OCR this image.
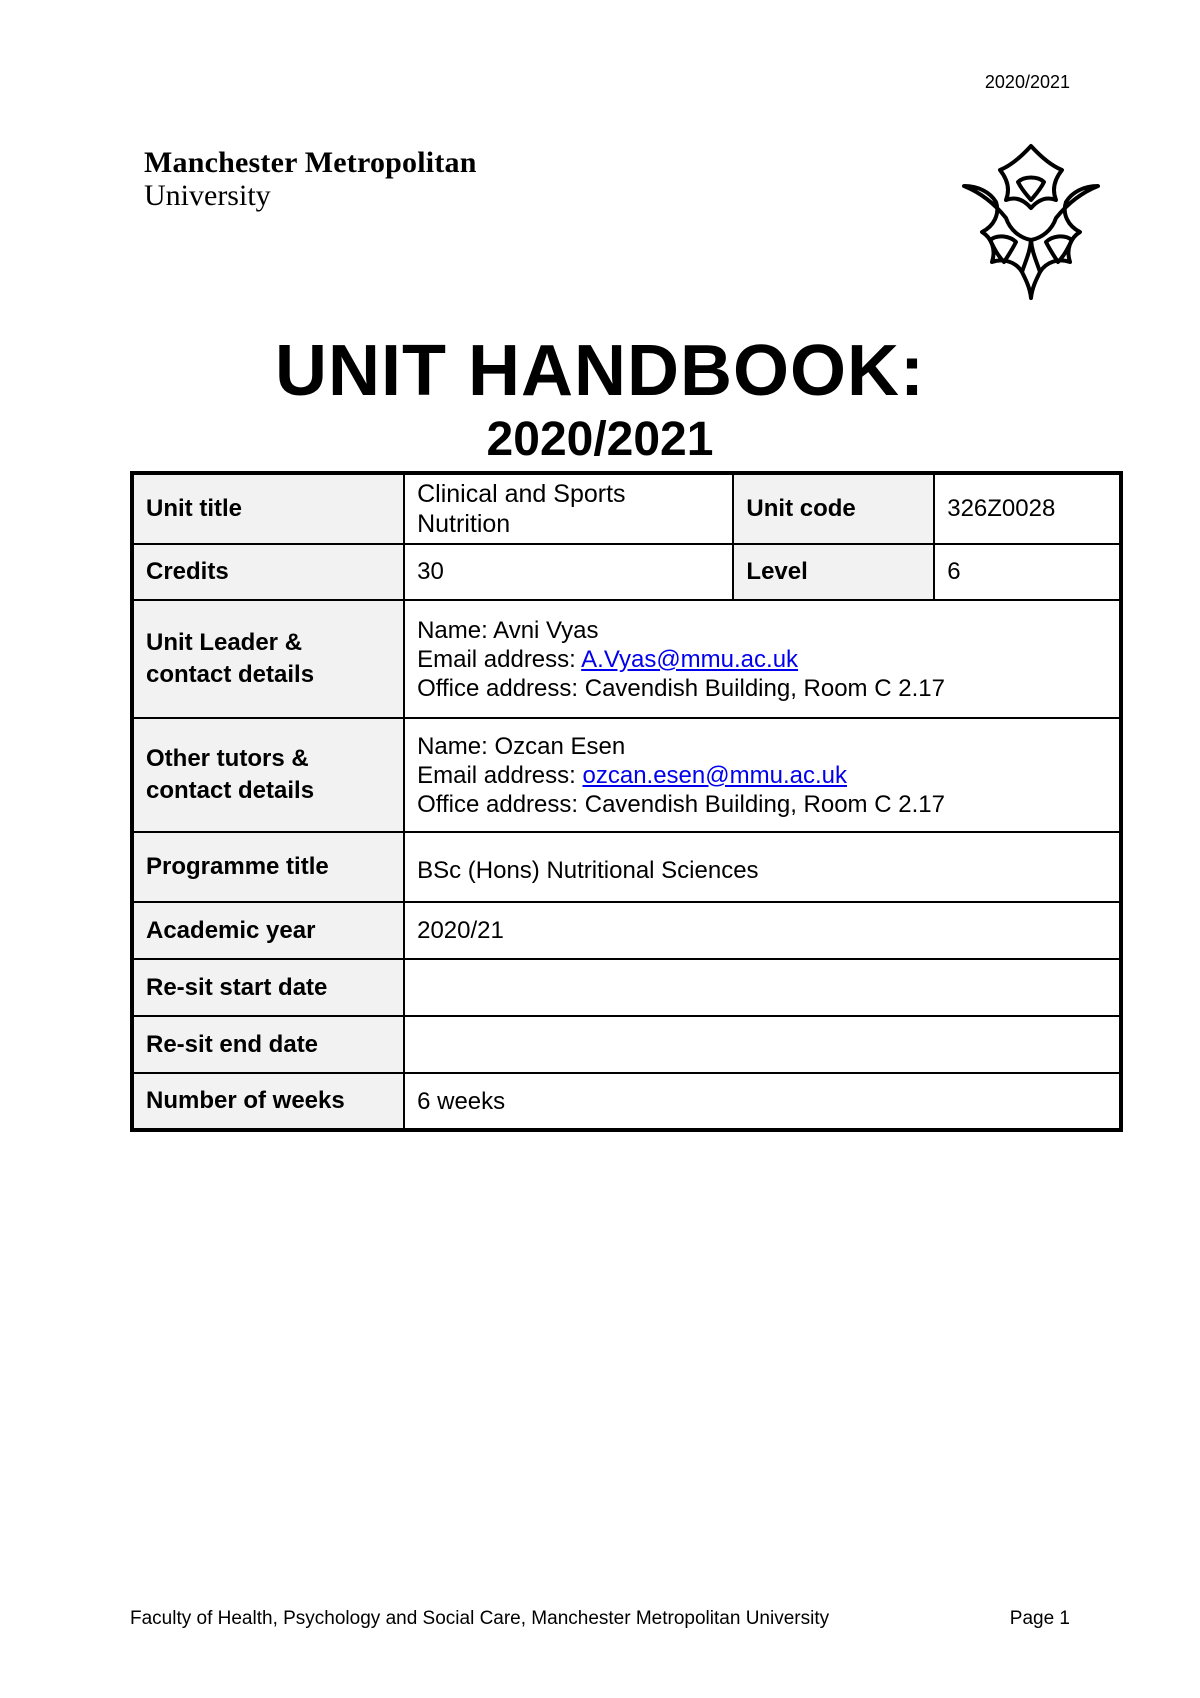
2020/2021
Manchester Metropolitan
University
UNIT HANDBOOK:
2020/2021
Unit title	Clinical and Sports Nutrition	Unit code	326Z0028
Credits	30	Level	6
Unit Leader & contact details	Name: Avni Vyas
Email address: A.Vyas@mmu.ac.uk
Office address: Cavendish Building, Room C 2.17		

Other tutors & contact details	Name: Ozcan Esen
Email address: ozcan.esen@mmu.ac.uk
Office address: Cavendish Building, Room C 2.17		

Programme title	BSc (Hons) Nutritional Sciences		
Academic year	2020/21		
Re-sit start date			
Re-sit end date			
Number of weeks	6 weeks		
Faculty of Health, Psychology and Social Care, Manchester Metropolitan University	Page 1
